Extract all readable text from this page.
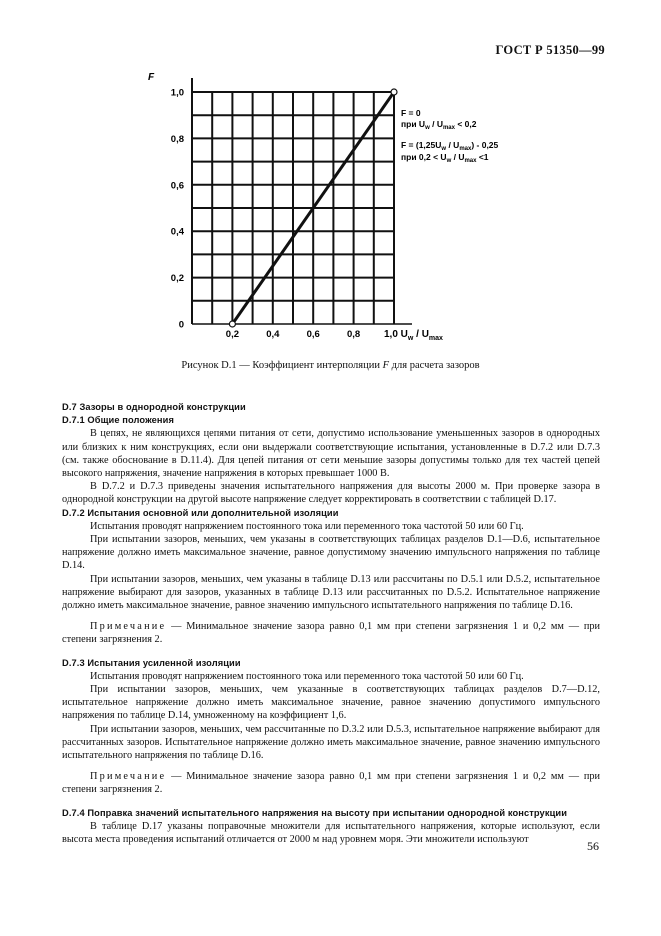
ГОСТ Р 51350—99
0
0,2
0,4
0,6
0,8
1,0
0,2	0,4	0,6	0,8
F
1,0 $U_w / U_{max}$
F = 0
при $U_w / U_{max} < 0,2$
$F = (1,25U_w / U_{max}) - 0,25$
при $0,2 < U_w / U_{max} <1$
Рисунок D.1 — Коэффициент интерполяции F для расчета зазоров

D.7 Зазоры в однородной конструкции

D.7.1 Общие положения

В цепях, не являющихся цепями питания от сети, допустимо использование уменьшенных зазоров в однородных или близких к ним конструкциях, если они выдержали соответствующие испытания, установленные в D.7.2 или D.7.3 (см. также обоснование в D.11.4). Для цепей питания от сети меньшие зазоры допустимы только для тех частей цепей высокого напряжения, значение напряжения в которых превышает 1000 В.

В D.7.2 и D.7.3 приведены значения испытательного напряжения для высоты 2000 м. При проверке зазора в однородной конструкции на другой высоте напряжение следует корректировать в соответствии с таблицей D.17.

D.7.2 Испытания основной или дополнительной изоляции

Испытания проводят напряжением постоянного тока или переменного тока частотой 50 или 60 Гц.

При испытании зазоров, меньших, чем указаны в соответствующих таблицах разделов D.1—D.6, испытательное напряжение должно иметь максимальное значение, равное допустимому значению импульсного напряжения по таблице D.14.

При испытании зазоров, меньших, чем указаны в таблице D.13 или рассчитаны по D.5.1 или D.5.2, испытательное напряжение выбирают для зазоров, указанных в таблице D.13 или рассчитанных по D.5.2. Испытательное напряжение должно иметь максимальное значение, равное значению импульсного испытательного напряжения по таблице D.16.

Примечание — Минимальное значение зазора равно 0,1 мм при степени загрязнения 1 и 0,2 мм — при степени загрязнения 2.

D.7.3 Испытания усиленной изоляции

Испытания проводят напряжением постоянного тока или переменного тока частотой 50 или 60 Гц.

При испытании зазоров, меньших, чем указанные в соответствующих таблицах разделов D.7—D.12, испытательное напряжение должно иметь максимальное значение, равное значению допустимого импульсного напряжения по таблице D.14, умноженному на коэффициент 1,6.

При испытании зазоров, меньших, чем рассчитанные по D.3.2 или D.5.3, испытательное напряжение выбирают для рассчитанных зазоров. Испытательное напряжение должно иметь максимальное значение, равное значению импульсного испытательного напряжения по таблице D.16.

Примечание — Минимальное значение зазора равно 0,1 мм при степени загрязнения 1 и 0,2 мм — при степени загрязнения 2.

D.7.4 Поправка значений испытательного напряжения на высоту при испытании однородной конструкции

В таблице D.17 указаны поправочные множители для испытательного напряжения, которые используют, если высота места проведения испытаний отличается от 2000 м над уровнем моря. Эти множители используют	56
